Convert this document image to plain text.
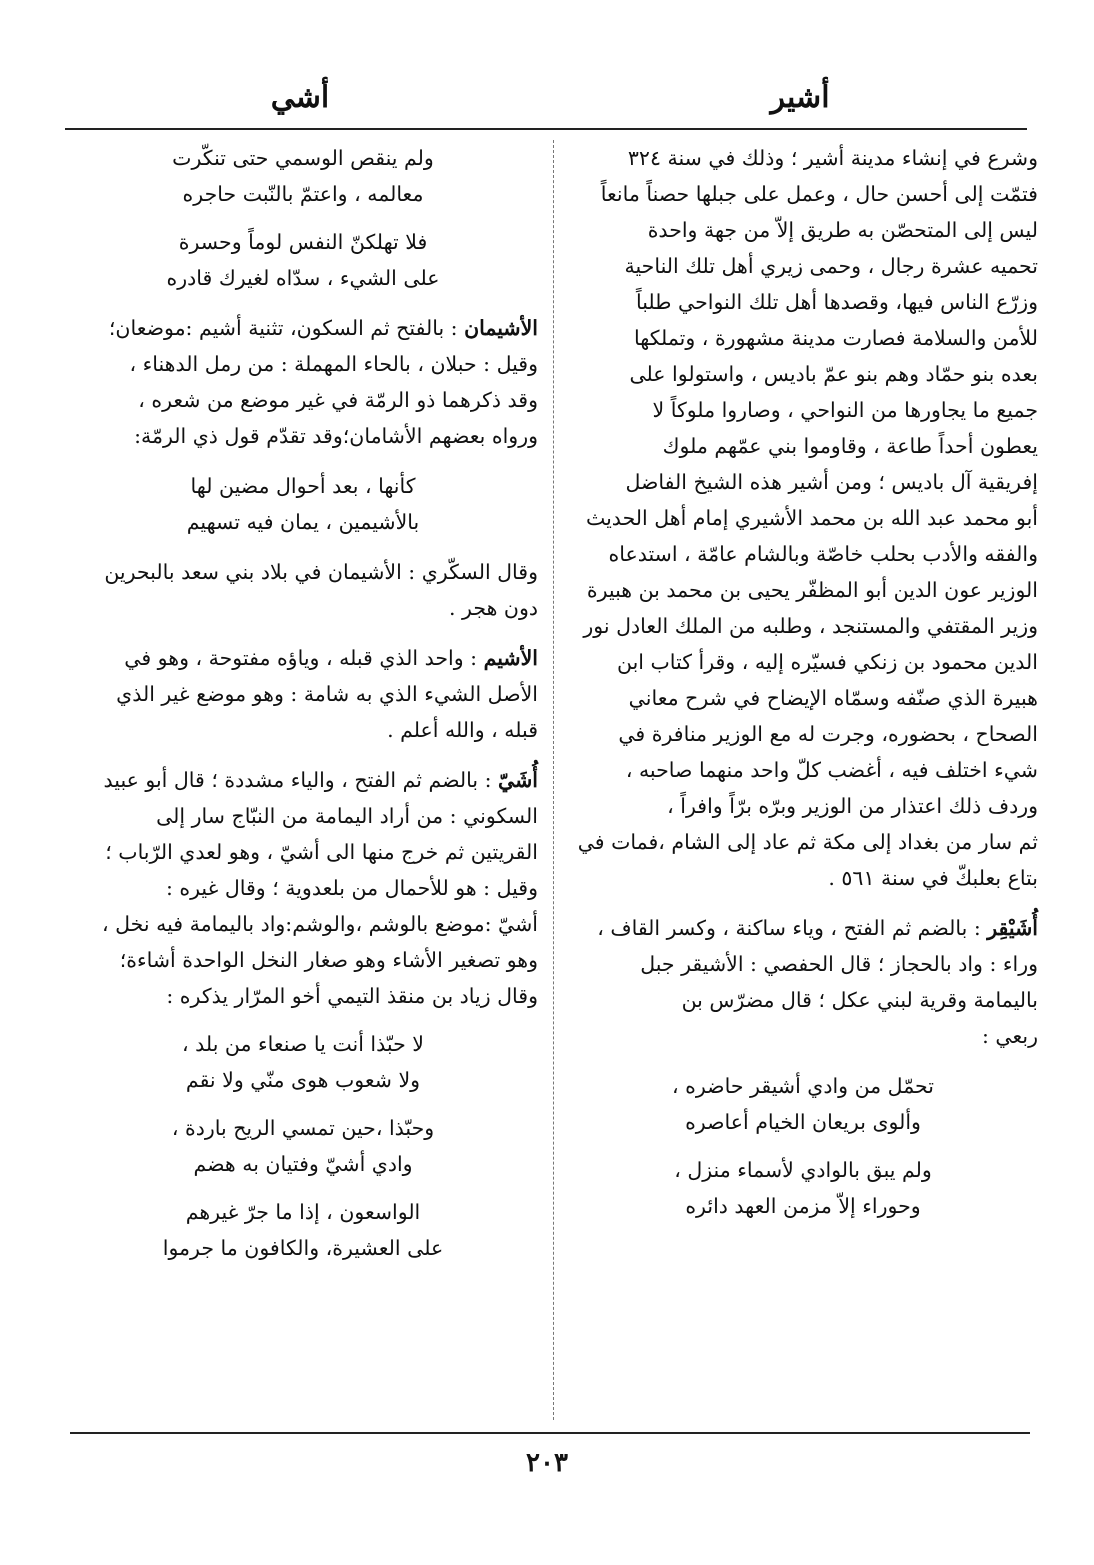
أشي	أشير

وشرع في إنشاء مدينة أشير ؛ وذلك في سنة ٣٢٤

فتمّت إلى أحسن حال ، وعمل على جبلها حصناً مانعاً

ليس إلى المتحصّن به طريق إلاّ من جهة واحدة

تحميه عشرة رجال ، وحمى زيري أهل تلك الناحية

وزرّع الناس فيها، وقصدها أهل تلك النواحي طلباً

للأمن والسلامة فصارت مدينة مشهورة ، وتملكها

بعده بنو حمّاد وهم بنو عمّ باديس ، واستولوا على

جميع ما يجاورها من النواحي ، وصاروا ملوكاً لا

يعطون أحداً طاعة ، وقاوموا بني عمّهم ملوك

إفريقية آل باديس ؛ ومن أشير هذه الشيخ الفاضل

أبو محمد عبد الله بن محمد الأشيري إمام أهل الحديث

والفقه والأدب بحلب خاصّة وبالشام عامّة ، استدعاه

الوزير عون الدين أبو المظفّر يحيى بن محمد بن هبيرة

وزير المقتفي والمستنجد ، وطلبه من الملك العادل نور

الدين محمود بن زنكي فسيّره إليه ، وقرأ كتاب ابن

هبيرة الذي صنّفه وسمّاه الإيضاح في شرح معاني

الصحاح ، بحضوره، وجرت له مع الوزير منافرة في

شيء اختلف فيه ، أغضب كلّ واحد منهما صاحبه ،

وردف ذلك اعتذار من الوزير وبرّه برّاً وافراً ،

ثم سار من بغداد إلى مكة ثم عاد إلى الشام ،فمات في

بتاع بعلبكّ في سنة ٥٦١ .

أُشَيْقِر : بالضم ثم الفتح ، وياء ساكنة ، وكسر القاف ،

وراء : واد بالحجاز ؛ قال الحفصي : الأشيقر جبل

باليمامة وقرية لبني عكل ؛ قال مضرّس بن

ربعي :

تحمّل من وادي أشيقر حاضره ،

وألوى بريعان الخيام أعاصره

ولم يبق بالوادي لأسماء منزل ،

وحوراء إلاّ مزمن العهد دائره

ولم ينقص الوسمي حتى تنكّرت

معالمه ، واعتمّ بالنّبت حاجره

فلا تهلكنّ النفس لوماً وحسرة

على الشيء ، سدّاه لغيرك قادره

الأشيمان : بالفتح ثم السكون، تثنية أشيم :موضعان؛

وقيل : حبلان ، بالحاء المهملة : من رمل الدهناء ،

وقد ذكرهما ذو الرمّة في غير موضع من شعره ،

ورواه بعضهم الأشامان؛وقد تقدّم قول ذي الرمّة:

كأنها ، بعد أحوال مضين لها

بالأشيمين ، يمان فيه تسهيم

وقال السكّري : الأشيمان في بلاد بني سعد بالبحرين

دون هجر .

الأشيم : واحد الذي قبله ، وياؤه مفتوحة ، وهو في

الأصل الشيء الذي به شامة : وهو موضع غير الذي

قبله ، والله أعلم .

أُشَيّ : بالضم ثم الفتح ، والياء مشددة ؛ قال أبو عبيد

السكوني : من أراد اليمامة من النبّاج سار إلى

القريتين ثم خرج منها الى أشيّ ، وهو لعدي الرّباب ؛

وقيل : هو للأحمال من بلعدوية ؛ وقال غيره :

أشيّ :موضع بالوشم ،والوشم:واد باليمامة فيه نخل ،

وهو تصغير الأشاء وهو صغار النخل الواحدة أشاءة؛

وقال زياد بن منقذ التيمي أخو المرّار يذكره :

لا حبّذا أنت يا صنعاء من بلد ،

ولا شعوب هوى منّي ولا نقم

وحبّذا ،حين تمسي الريح باردة ،

وادي أشيّ وفتيان به هضم

الواسعون ، إذا ما جرّ غيرهم

على العشيرة، والكافون ما جرموا

٢٠٣
